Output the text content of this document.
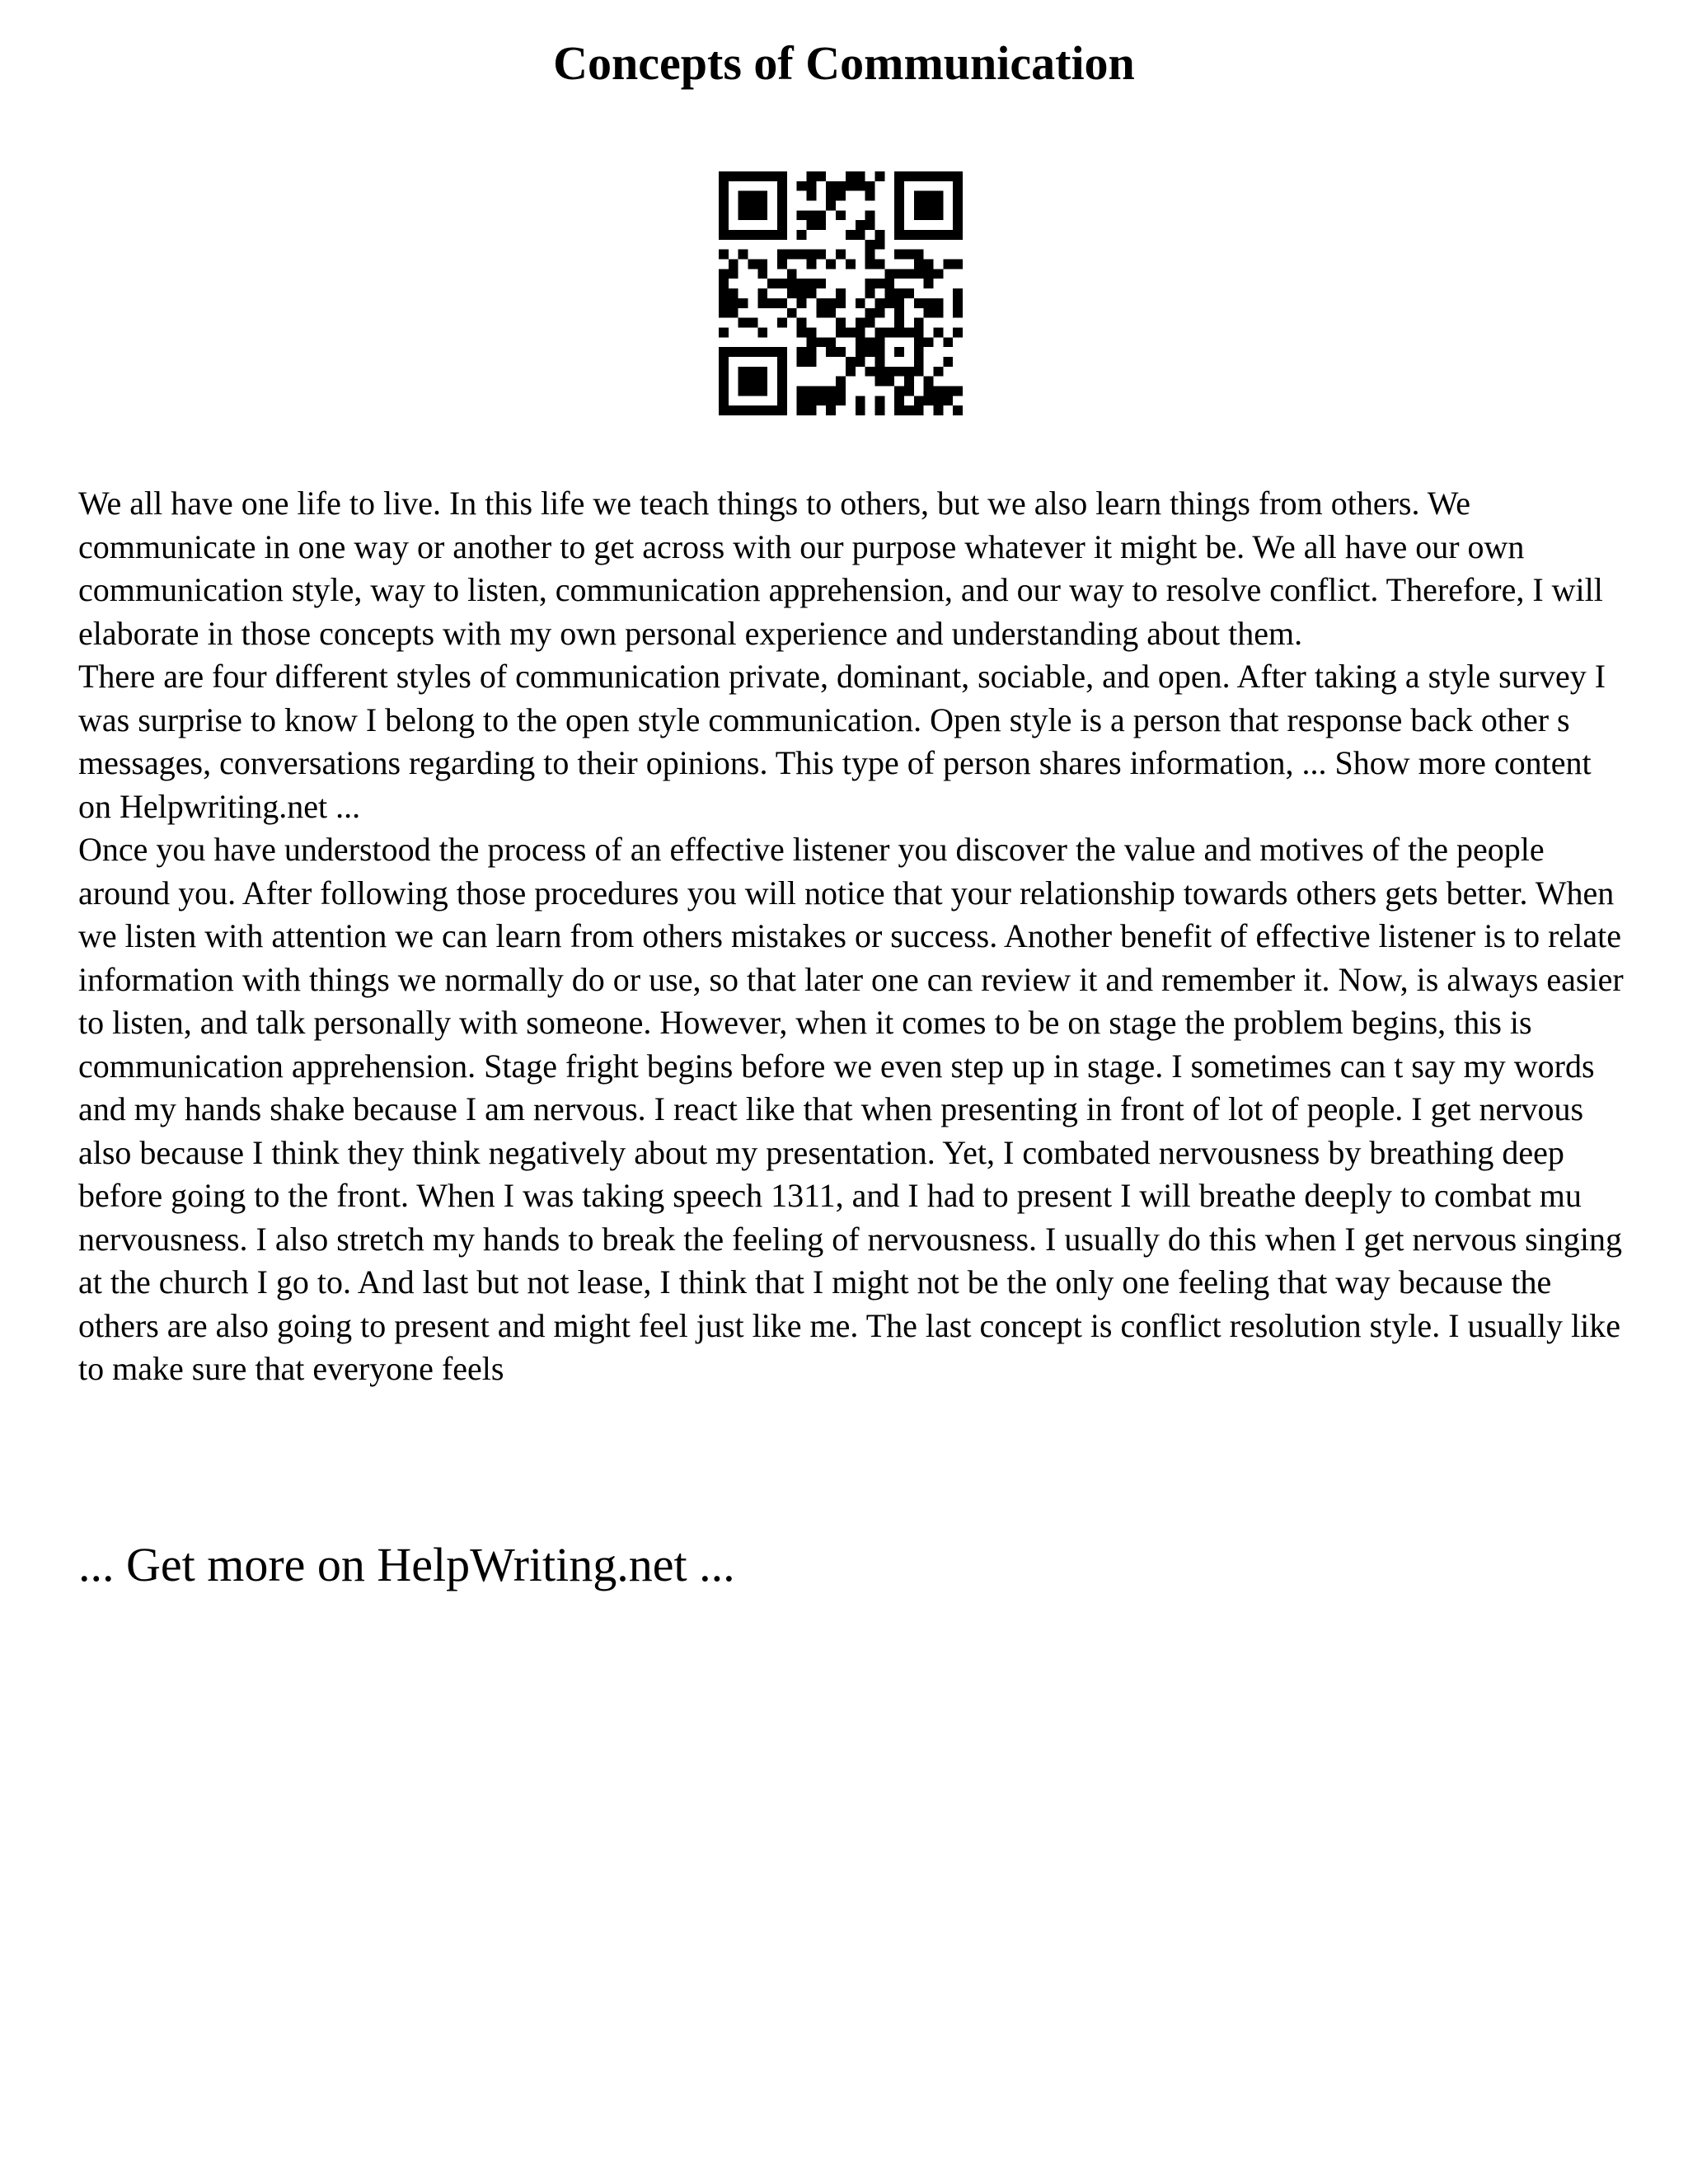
Concepts of Communication

We all have one life to live. In this life we teach things to others, but we also learn things from others. We communicate in one way or another to get across with our purpose whatever it might be. We all have our own communication style, way to listen, communication apprehension, and our way to resolve conflict. Therefore, I will elaborate in those concepts with my own personal experience and understanding about them.

There are four different styles of communication private, dominant, sociable, and open. After taking a style survey I was surprise to know I belong to the open style communication. Open style is a person that response back other s messages, conversations regarding to their opinions. This type of person shares information, ... Show more content on Helpwriting.net ...

Once you have understood the process of an effective listener you discover the value and motives of the people around you. After following those procedures you will notice that your relationship towards others gets better. When we listen with attention we can learn from others mistakes or success. Another benefit of effective listener is to relate information with things we normally do or use, so that later one can review it and remember it. Now, is always easier to listen, and talk personally with someone. However, when it comes to be on stage the problem begins, this is communication apprehension. Stage fright begins before we even step up in stage. I sometimes can t say my words and my hands shake because I am nervous. I react like that when presenting in front of lot of people. I get nervous also because I think they think negatively about my presentation. Yet, I combated nervousness by breathing deep before going to the front. When I was taking speech 1311, and I had to present I will breathe deeply to combat mu nervousness. I also stretch my hands to break the feeling of nervousness. I usually do this when I get nervous singing at the church I go to. And last but not lease, I think that I might not be the only one feeling that way because the others are also going to present and might feel just like me. The last concept is conflict resolution style. I usually like to make sure that everyone feels

... Get more on HelpWriting.net ...
